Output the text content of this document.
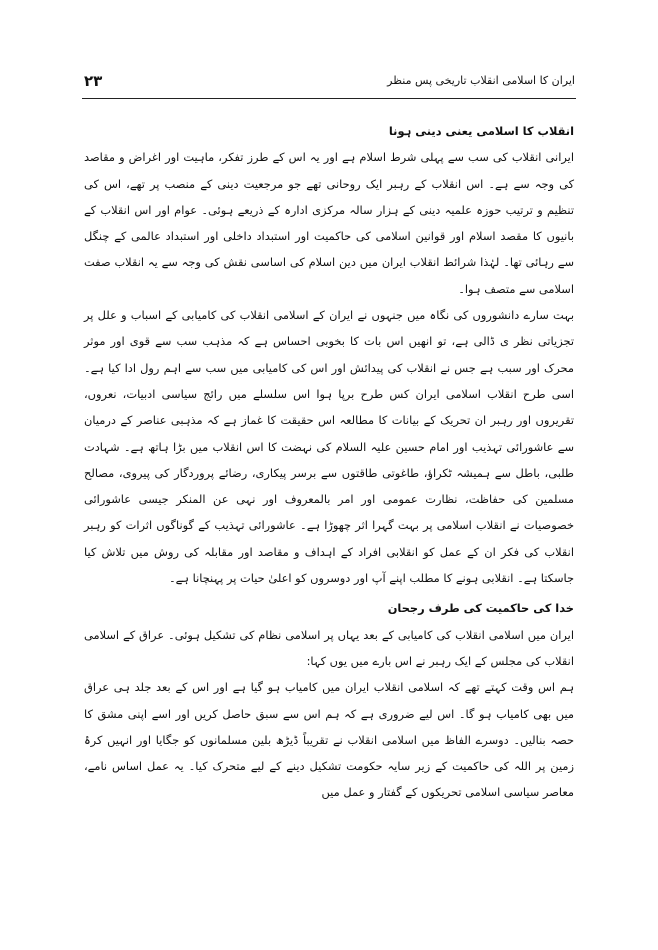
۲۳	ایران کا اسلامی انقلاب تاریخی پس منظر

انقلاب کا اسلامی یعنی دینی ہونا

ایرانی انقلاب کی سب سے پہلی شرط اسلام ہے اور یہ اس کے طرز تفکر، ماہیت اور اغراض و مقاصد کی وجہ سے ہے۔ اس انقلاب کے رہبر ایک روحانی تھے جو مرجعیت دینی کے منصب پر تھے، اس کی تنظیم و ترتیب حوزہ علمیہ دینی کے ہزار سالہ مرکزی ادارہ کے ذریعے ہوئی۔ عوام اور اس انقلاب کے بانیوں کا مقصد اسلام اور قوانین اسلامی کی حاکمیت اور استبداد داخلی اور استبداد عالمی کے چنگل سے رہائی تھا۔ لہٰذا شرائط انقلاب ایران میں دین اسلام کی اساسی نقش کی وجہ سے یہ انقلاب صفت اسلامی سے متصف ہوا۔

بہت سارے دانشوروں کی نگاہ میں جنہوں نے ایران کے اسلامی انقلاب کی کامیابی کے اسباب و علل پر تجزیاتی نظر ی ڈالی ہے، تو انھیں اس بات کا بخوبی احساس ہے کہ مذہب سب سے قوی اور موثر محرک اور سبب ہے جس نے انقلاب کی پیدائش اور اس کی کامیابی میں سب سے اہم رول ادا کیا ہے۔ اسی طرح انقلاب اسلامی ایران کس طرح برپا ہوا اس سلسلے میں رائج سیاسی ادبیات، نعروں، تقریروں اور رہبر ان تحریک کے بیانات کا مطالعہ اس حقیقت کا غماز ہے کہ مذہبی عناصر کے درمیان سے عاشورائی تہذیب اور امام حسین علیہ السلام کی نہضت کا اس انقلاب میں بڑا ہاتھ ہے۔ شہادت طلبی، باطل سے ہمیشہ ٹکراؤ، طاغوتی طاقتوں سے برسر پیکاری، رضائے پروردگار کی پیروی، مصالح مسلمین کی حفاظت، نظارت عمومی اور امر بالمعروف اور نہی عن المنکر جیسی عاشورائی خصوصیات نے انقلاب اسلامی پر بہت گہرا اثر چھوڑا ہے۔ عاشورائی تہذیب کے گوناگوں اثرات کو رہبر انقلاب کی فکر ان کے عمل کو انقلابی افراد کے اہداف و مقاصد اور مقابلہ کی روش میں تلاش کیا جاسکتا ہے۔ انقلابی ہونے کا مطلب اپنے آپ اور دوسروں کو اعلیٰ حیات پر پہنچانا ہے۔

خدا کی حاکمیت کی طرف رجحان

ایران میں اسلامی انقلاب کی کامیابی کے بعد یہاں پر اسلامی نظام کی تشکیل ہوئی۔ عراق کے اسلامی انقلاب کی مجلس کے ایک رہبر نے اس بارے میں یوں کہا:

ہم اس وقت کہتے تھے کہ اسلامی انقلاب ایران میں کامیاب ہو گیا ہے اور اس کے بعد جلد ہی عراق میں بھی کامیاب ہو گا۔ اس لیے ضروری ہے کہ ہم اس سے سبق حاصل کریں اور اسے اپنی مشق کا حصہ بنالیں۔ دوسرے الفاظ میں اسلامی انقلاب نے تقریباً ڈیڑھ بلین مسلمانوں کو جگایا اور انہیں کرۂ زمین پر اللہ کی حاکمیت کے زیر سایہ حکومت تشکیل دینے کے لیے متحرک کیا۔ یہ عمل اساس نامے، معاصر سیاسی اسلامی تحریکوں کے گفتار و عمل میں
